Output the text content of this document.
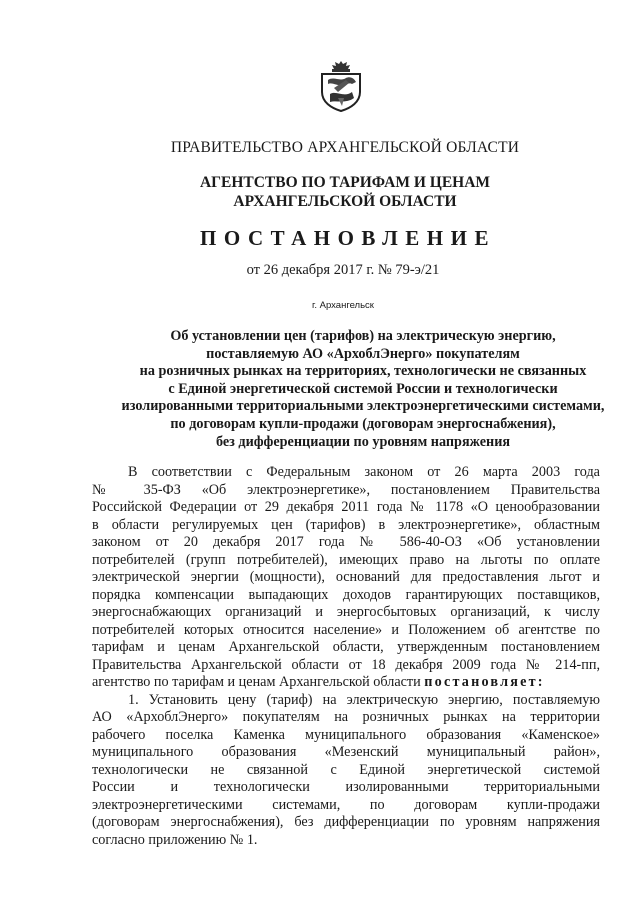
ПРАВИТЕЛЬСТВО АРХАНГЕЛЬСКОЙ ОБЛАСТИ
АГЕНТСТВО ПО ТАРИФАМ И ЦЕНАМ
АРХАНГЕЛЬСКОЙ ОБЛАСТИ
ПОСТАНОВЛЕНИЕ
от 26 декабря 2017 г. № 79-э/21
г. Архангельск
Об установлении цен (тарифов) на электрическую энергию,
поставляемую АО «АрхоблЭнерго» покупателям
на розничных рынках на территориях, технологически не связанных
с Единой энергетической системой России и технологически
изолированными территориальными электроэнергетическими системами,
по договорам купли-продажи (договорам энергоснабжения),
без дифференциации по уровням напряжения
В соответствии с Федеральным законом от 26 марта 2003 года
№ 35-ФЗ «Об электроэнергетике», постановлением Правительства
Российской Федерации от 29 декабря 2011 года № 1178 «О ценообразовании
в области регулируемых цен (тарифов) в электроэнергетике», областным
законом от 20 декабря 2017 года № 586-40-ОЗ «Об установлении
потребителей (групп потребителей), имеющих право на льготы по оплате
электрической энергии (мощности), оснований для предоставления льгот и
порядка компенсации выпадающих доходов гарантирующих поставщиков,
энергоснабжающих организаций и энергосбытовых организаций, к числу
потребителей которых относится население» и Положением об агентстве по
тарифам и ценам Архангельской области, утвержденным постановлением
Правительства Архангельской области от 18 декабря 2009 года № 214-пп,
агентство по тарифам и ценам Архангельской области постановляет:
1. Установить цену (тариф) на электрическую энергию, поставляемую
АО «АрхоблЭнерго» покупателям на розничных рынках на территории
рабочего поселка Каменка муниципального образования «Каменское»
муниципального образования «Мезенский муниципальный район»,
технологически не связанной с Единой энергетической системой
России и технологически изолированными территориальными
электроэнергетическими системами, по договорам купли-продажи
(договорам энергоснабжения), без дифференциации по уровням напряжения
согласно приложению № 1.
